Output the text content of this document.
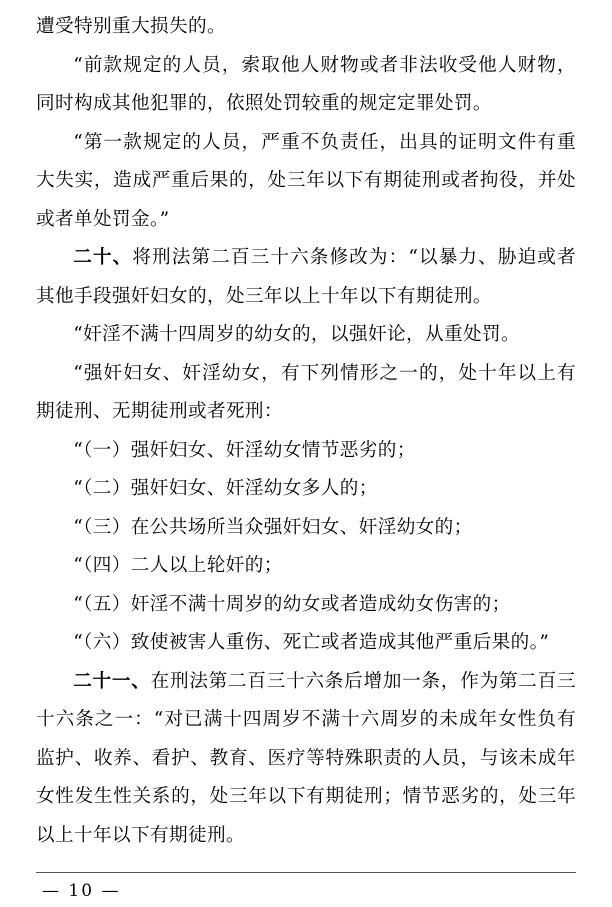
遭受特别重大损失的。

“前款规定的人员，索取他人财物或者非法收受他人财物，同时构成其他犯罪的，依照处罚较重的规定定罪处罚。

“第一款规定的人员，严重不负责任，出具的证明文件有重大失实，造成严重后果的，处三年以下有期徒刑或者拘役，并处或者单处罚金。”

二十、将刑法第二百三十六条修改为：“以暴力、胁迫或者其他手段强奸妇女的，处三年以上十年以下有期徒刑。

“奸淫不满十四周岁的幼女的，以强奸论，从重处罚。

“强奸妇女、奸淫幼女，有下列情形之一的，处十年以上有期徒刑、无期徒刑或者死刑：

“（一）强奸妇女、奸淫幼女情节恶劣的；

“（二）强奸妇女、奸淫幼女多人的；

“（三）在公共场所当众强奸妇女、奸淫幼女的；

“（四）二人以上轮奸的；

“（五）奸淫不满十周岁的幼女或者造成幼女伤害的；

“（六）致使被害人重伤、死亡或者造成其他严重后果的。”

二十一、在刑法第二百三十六条后增加一条，作为第二百三十六条之一：“对已满十四周岁不满十六周岁的未成年女性负有监护、收养、看护、教育、医疗等特殊职责的人员，与该未成年女性发生性关系的，处三年以下有期徒刑；情节恶劣的，处三年以上十年以下有期徒刑。

— 10 —
